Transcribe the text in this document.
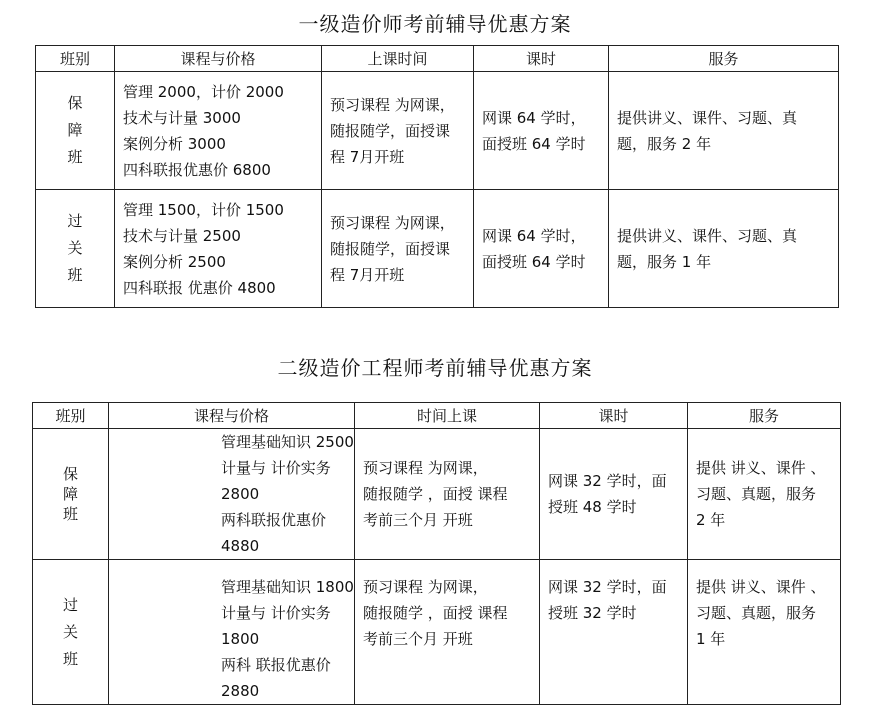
一级造价师考前辅导优惠方案
班别	课程与价格	上课时间	课时	服务

保
障
班	管理 2000，计价 2000
技术与计量 3000
案例分析 3000
四科联报优惠价 6800	预习课程 为网课，
随报随学，面授课
程 7月开班	网课 64 学时，
面授班 64 学时	提供讲义、课件、习题、真
题，服务 2 年

过
关
班	管理 1500，计价 1500
技术与计量 2500
案例分析 2500
四科联报 优惠价 4800	预习课程 为网课，
随报随学，面授课
程 7月开班	网课 64 学时，
面授班 64 学时	提供讲义、课件、习题、真
题，服务 1 年
二级造价工程师考前辅导优惠方案
班别	课程与价格	时间上课	课时	服务

保
障
班	管理基础知识 2500
计量与 计价实务 2800
两科联报优惠价 4880	预习课程 为网课，
随报随学 ，面授 课程
考前三个月 开班	网课 32 学时，面
授班 48 学时	提供 讲义、课件 、
习题、真题，服务
2 年

过
关
班	管理基础知识 1800
计量与 计价实务 1800
两科 联报优惠价 2880	预习课程 为网课，
随报随学 ，面授 课程
考前三个月 开班	网课 32 学时，面
授班 32 学时	提供 讲义、课件 、
习题、真题，服务
1 年
